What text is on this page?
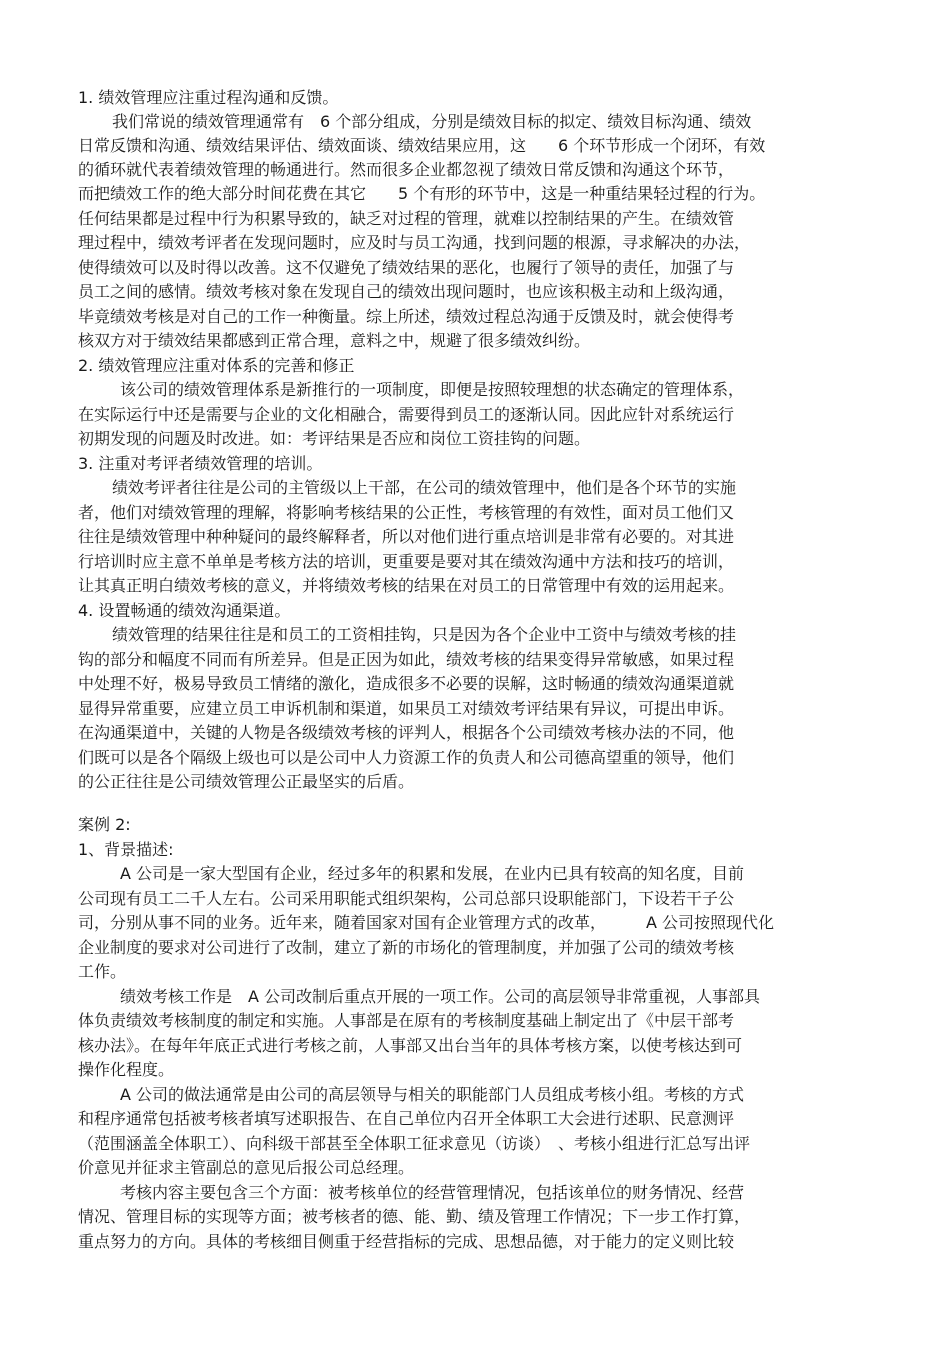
1. 绩效管理应注重过程沟通和反馈。
我们常说的绩效管理通常有　6 个部分组成，分别是绩效目标的拟定、绩效目标沟通、绩效
日常反馈和沟通、绩效结果评估、绩效面谈、绩效结果应用，这　　6 个环节形成一个闭环，有效
的循环就代表着绩效管理的畅通进行。然而很多企业都忽视了绩效日常反馈和沟通这个环节，
而把绩效工作的绝大部分时间花费在其它　　5 个有形的环节中，这是一种重结果轻过程的行为。
任何结果都是过程中行为积累导致的，缺乏对过程的管理，就难以控制结果的产生。在绩效管
理过程中，绩效考评者在发现问题时，应及时与员工沟通，找到问题的根源，寻求解决的办法，
使得绩效可以及时得以改善。这不仅避免了绩效结果的恶化，也履行了领导的责任，加强了与
员工之间的感情。绩效考核对象在发现自己的绩效出现问题时，也应该积极主动和上级沟通，
毕竟绩效考核是对自己的工作一种衡量。综上所述，绩效过程总沟通于反馈及时，就会使得考
核双方对于绩效结果都感到正常合理，意料之中，规避了很多绩效纠纷。
2. 绩效管理应注重对体系的完善和修正
该公司的绩效管理体系是新推行的一项制度，即便是按照较理想的状态确定的管理体系，
在实际运行中还是需要与企业的文化相融合，需要得到员工的逐渐认同。因此应针对系统运行
初期发现的问题及时改进。如：考评结果是否应和岗位工资挂钩的问题。
3. 注重对考评者绩效管理的培训。
绩效考评者往往是公司的主管级以上干部，在公司的绩效管理中，他们是各个环节的实施
者，他们对绩效管理的理解，将影响考核结果的公正性，考核管理的有效性，面对员工他们又
往往是绩效管理中种种疑问的最终解释者，所以对他们进行重点培训是非常有必要的。对其进
行培训时应主意不单单是考核方法的培训，更重要是要对其在绩效沟通中方法和技巧的培训，
让其真正明白绩效考核的意义，并将绩效考核的结果在对员工的日常管理中有效的运用起来。
4. 设置畅通的绩效沟通渠道。
绩效管理的结果往往是和员工的工资相挂钩，只是因为各个企业中工资中与绩效考核的挂
钩的部分和幅度不同而有所差异。但是正因为如此，绩效考核的结果变得异常敏感，如果过程
中处理不好，极易导致员工情绪的激化，造成很多不必要的误解，这时畅通的绩效沟通渠道就
显得异常重要，应建立员工申诉机制和渠道，如果员工对绩效考评结果有异议，可提出申诉。
在沟通渠道中，关键的人物是各级绩效考核的评判人，根据各个公司绩效考核办法的不同，他
们既可以是各个隔级上级也可以是公司中人力资源工作的负责人和公司德高望重的领导，他们
的公正往往是公司绩效管理公正最坚实的后盾。
案例 2:
1、背景描述:
A 公司是一家大型国有企业，经过多年的积累和发展，在业内已具有较高的知名度，目前
公司现有员工二千人左右。公司采用职能式组织架构，公司总部只设职能部门，下设若干子公
司，分别从事不同的业务。近年来，随着国家对国有企业管理方式的改革，　　　A 公司按照现代化
企业制度的要求对公司进行了改制，建立了新的市场化的管理制度，并加强了公司的绩效考核
工作。
绩效考核工作是　A 公司改制后重点开展的一项工作。公司的高层领导非常重视，人事部具
体负责绩效考核制度的制定和实施。人事部是在原有的考核制度基础上制定出了《中层干部考
核办法》。在每年年底正式进行考核之前，人事部又出台当年的具体考核方案，以使考核达到可
操作化程度。
A 公司的做法通常是由公司的高层领导与相关的职能部门人员组成考核小组。考核的方式
和程序通常包括被考核者填写述职报告、在自己单位内召开全体职工大会进行述职、民意测评
（范围涵盖全体职工）、向科级干部甚至全体职工征求意见（访谈）　、考核小组进行汇总写出评
价意见并征求主管副总的意见后报公司总经理。
考核内容主要包含三个方面：被考核单位的经营管理情况，包括该单位的财务情况、经营
情况、管理目标的实现等方面；被考核者的德、能、勤、绩及管理工作情况；下一步工作打算，
重点努力的方向。具体的考核细目侧重于经营指标的完成、思想品德，对于能力的定义则比较
